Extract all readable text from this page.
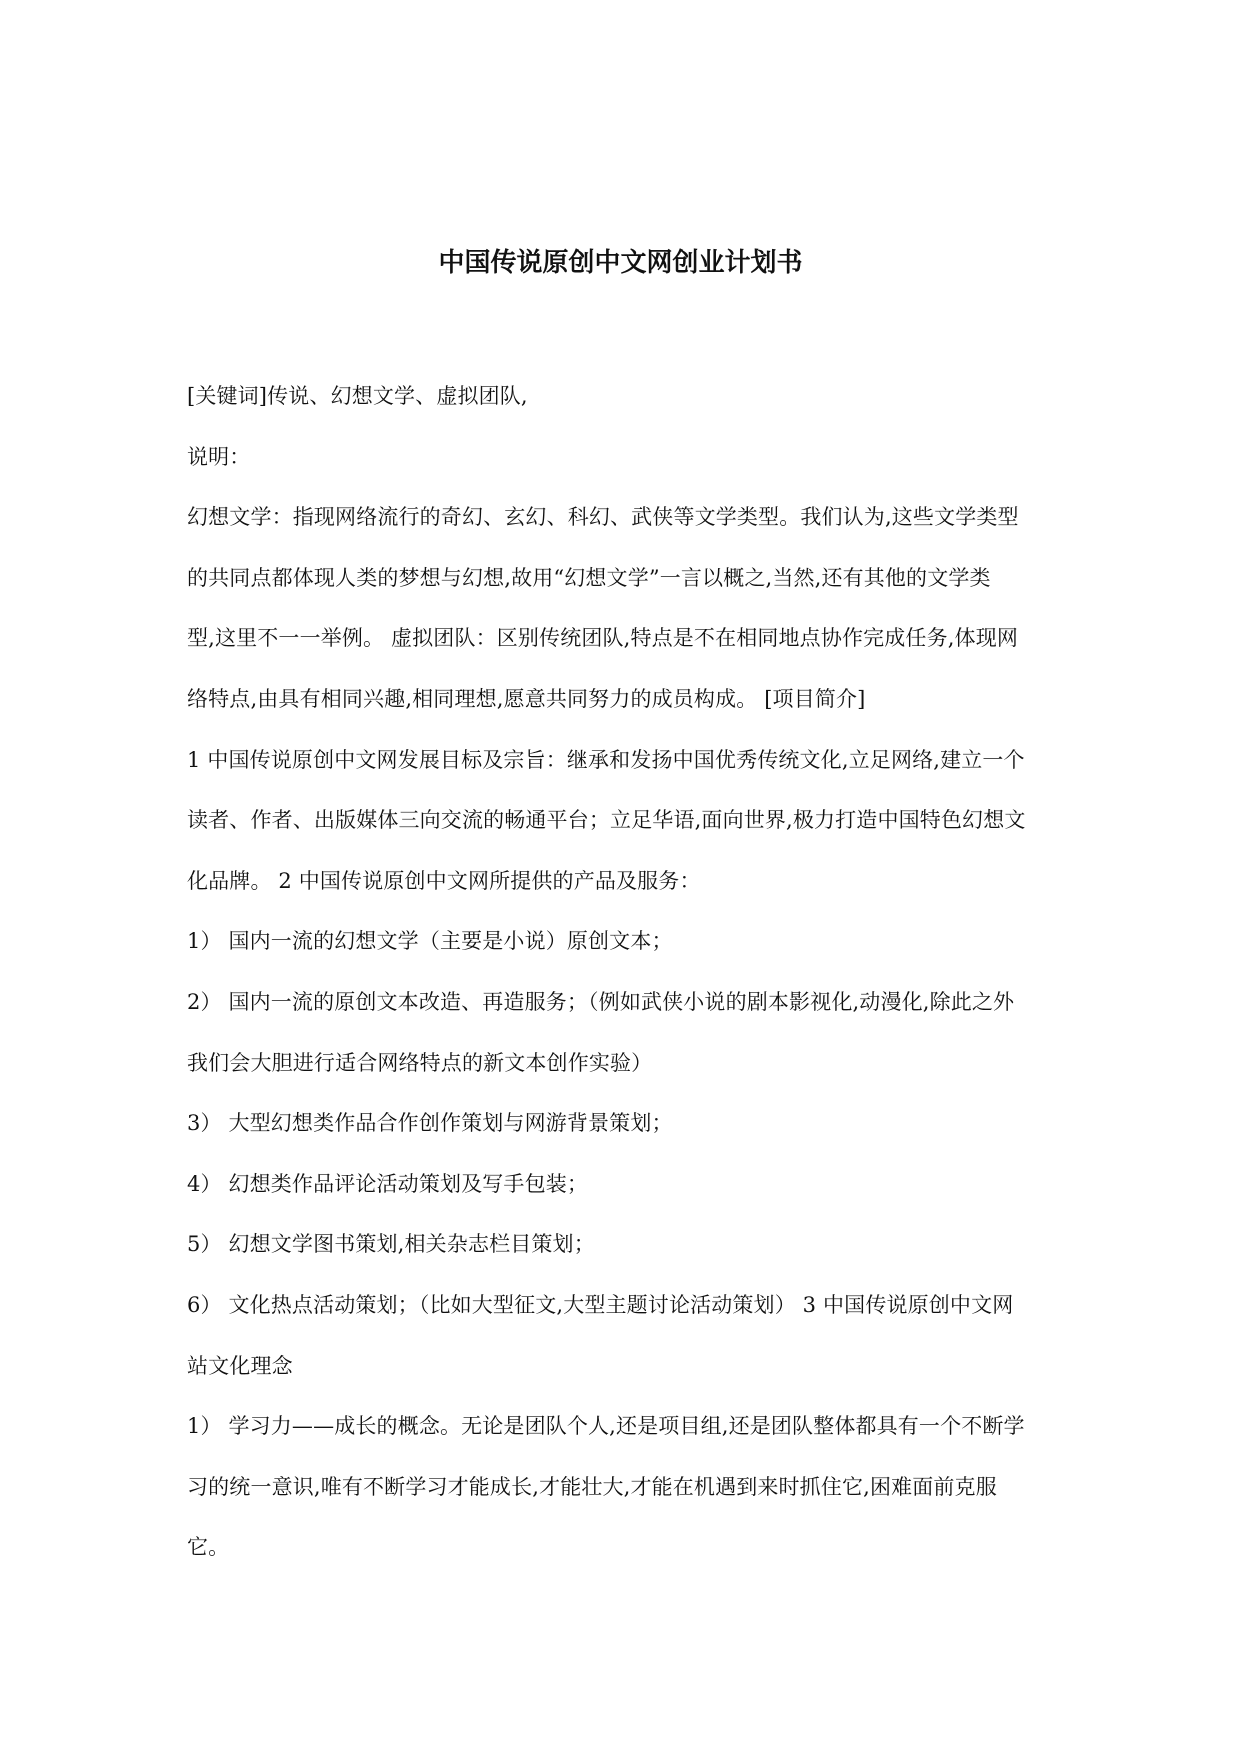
中国传说原创中文网创业计划书
[关键词]传说、幻想文学、虚拟团队,
说明：
幻想文学：指现网络流行的奇幻、玄幻、科幻、武侠等文学类型。我们认为,这些文学类型
的共同点都体现人类的梦想与幻想,故用“幻想文学”一言以概之,当然,还有其他的文学类
型,这里不一一举例。 虚拟团队：区别传统团队,特点是不在相同地点协作完成任务,体现网
络特点,由具有相同兴趣,相同理想,愿意共同努力的成员构成。 [项目简介]
1 中国传说原创中文网发展目标及宗旨：继承和发扬中国优秀传统文化,立足网络,建立一个
读者、作者、出版媒体三向交流的畅通平台；立足华语,面向世界,极力打造中国特色幻想文
化品牌。 2 中国传说原创中文网所提供的产品及服务：
1） 国内一流的幻想文学（主要是小说）原创文本；
2） 国内一流的原创文本改造、再造服务；（例如武侠小说的剧本影视化,动漫化,除此之外
我们会大胆进行适合网络特点的新文本创作实验）
3） 大型幻想类作品合作创作策划与网游背景策划；
4） 幻想类作品评论活动策划及写手包装；
5） 幻想文学图书策划,相关杂志栏目策划；
6） 文化热点活动策划；（比如大型征文,大型主题讨论活动策划） 3 中国传说原创中文网
站文化理念
1） 学习力——成长的概念。无论是团队个人,还是项目组,还是团队整体都具有一个不断学
习的统一意识,唯有不断学习才能成长,才能壮大,才能在机遇到来时抓住它,困难面前克服
它。
